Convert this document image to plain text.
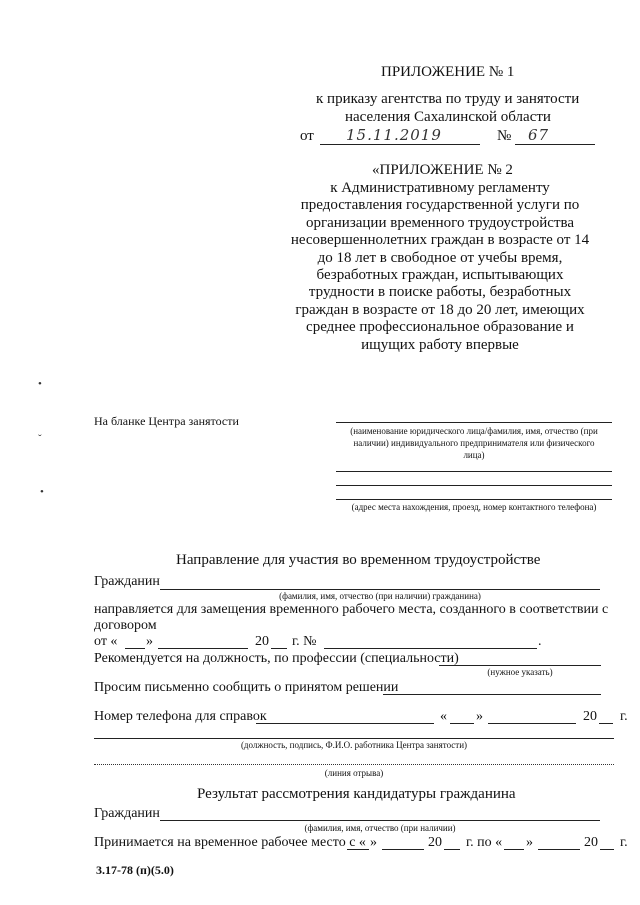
ПРИЛОЖЕНИЕ № 1
к приказу агентства по труду и занятости
населения Сахалинской области
от 15.11.2019	№ 67
«ПРИЛОЖЕНИЕ № 2
к Административному регламенту
предоставления государственной услуги по
организации временного трудоустройства
несовершеннолетних граждан в возрасте от 14
до 18 лет в свободное от учебы время,
безработных граждан, испытывающих
трудности в поиске работы, безработных
граждан в возрасте от 18 до 20 лет, имеющих
среднее профессиональное образование и
ищущих работу впервые
•
ˇ
•
На бланке Центра занятости
(наименование юридического лица/фамилия, имя, отчество (при
наличии) индивидуального предпринимателя или физического
лица)
(адрес места нахождения, проезд, номер контактного телефона)
Направление для участия во временном трудоустройстве
Гражданин
(фамилия, имя, отчество (при наличии) гражданина)
направляется для замещения временного рабочего места, созданного в соответствии с
договором
от « »	20 г. №	.
Рекомендуется на должность, по профессии (специальности)
(нужное указать)
Просим письменно сообщить о принятом решении
Номер телефона для справок	« »	20 г.
(должность, подпись, Ф.И.О. работника Центра занятости)
(линия отрыва)
Результат рассмотрения кандидатуры гражданина
Гражданин
(фамилия, имя, отчество (при наличии)
Принимается на временное рабочее место с « »	20 г. по « »	20 г.
3.17-78 (п)(5.0)
